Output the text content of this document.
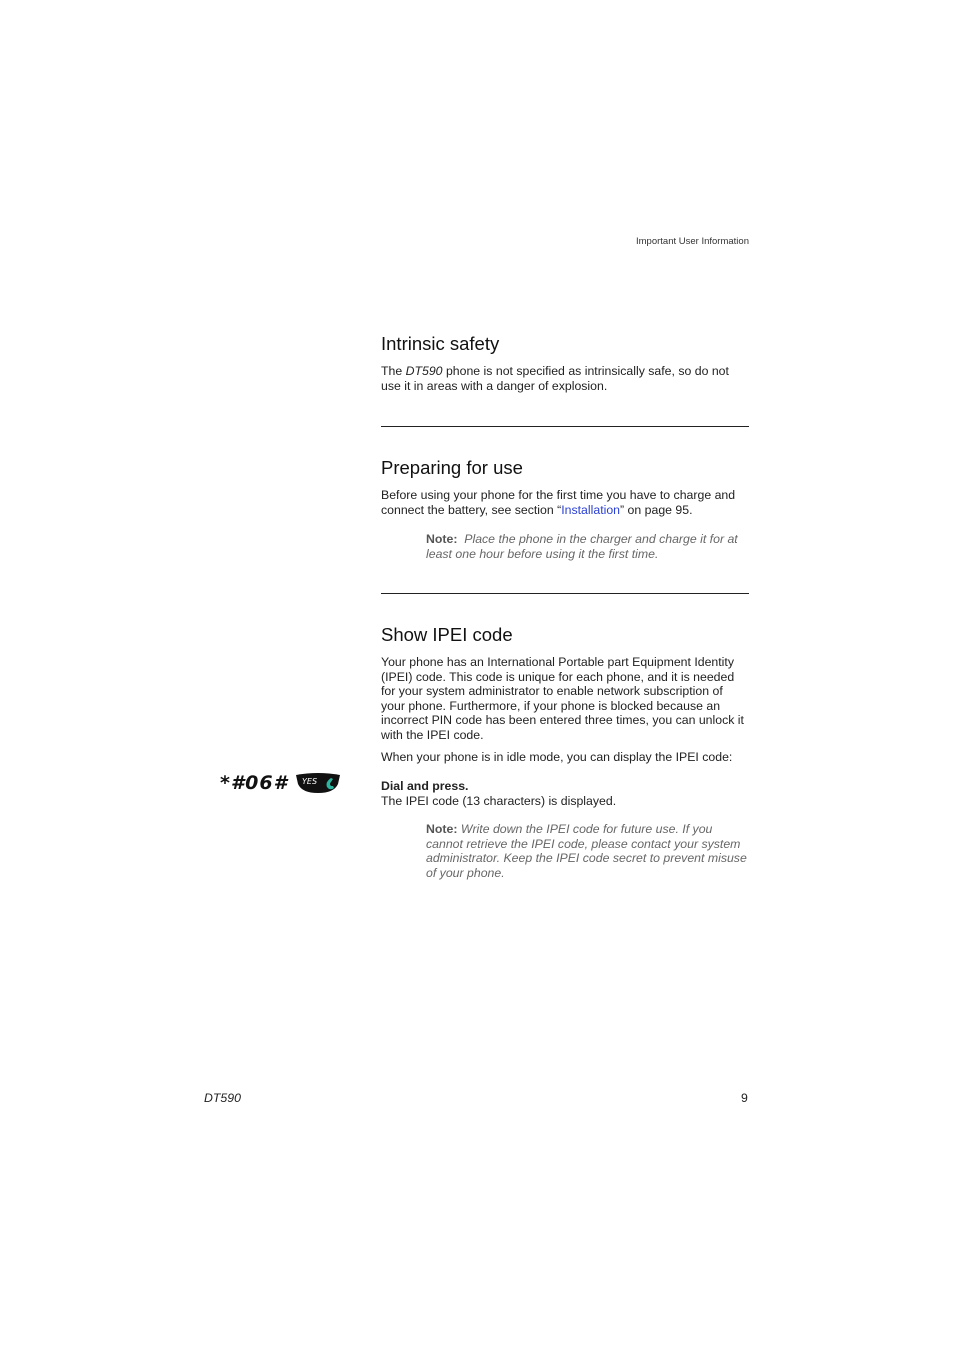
Important User Information
Intrinsic safety

The DT590 phone is not specified as intrinsically safe, so do not use it in areas with a danger of explosion.

Preparing for use

Before using your phone for the first time you have to charge and connect the battery, see section “Installation” on page 95.

Note: Place the phone in the charger and charge it for at least one hour before using it the first time.
Show IPEI code

Your phone has an International Portable part Equipment Identity (IPEI) code. This code is unique for each phone, and it is needed for your system administrator to enable network subscription of your phone. Furthermore, if your phone is blocked because an incorrect PIN code has been entered three times, you can unlock it with the IPEI code.

When your phone is in idle mode, you can display the IPEI code:

*#06# YES	Dial and press.

The IPEI code (13 characters) is displayed.

Note: Write down the IPEI code for future use. If you cannot retrieve the IPEI code, please contact your system administrator. Keep the IPEI code secret to prevent misuse of your phone.
DT590	9
